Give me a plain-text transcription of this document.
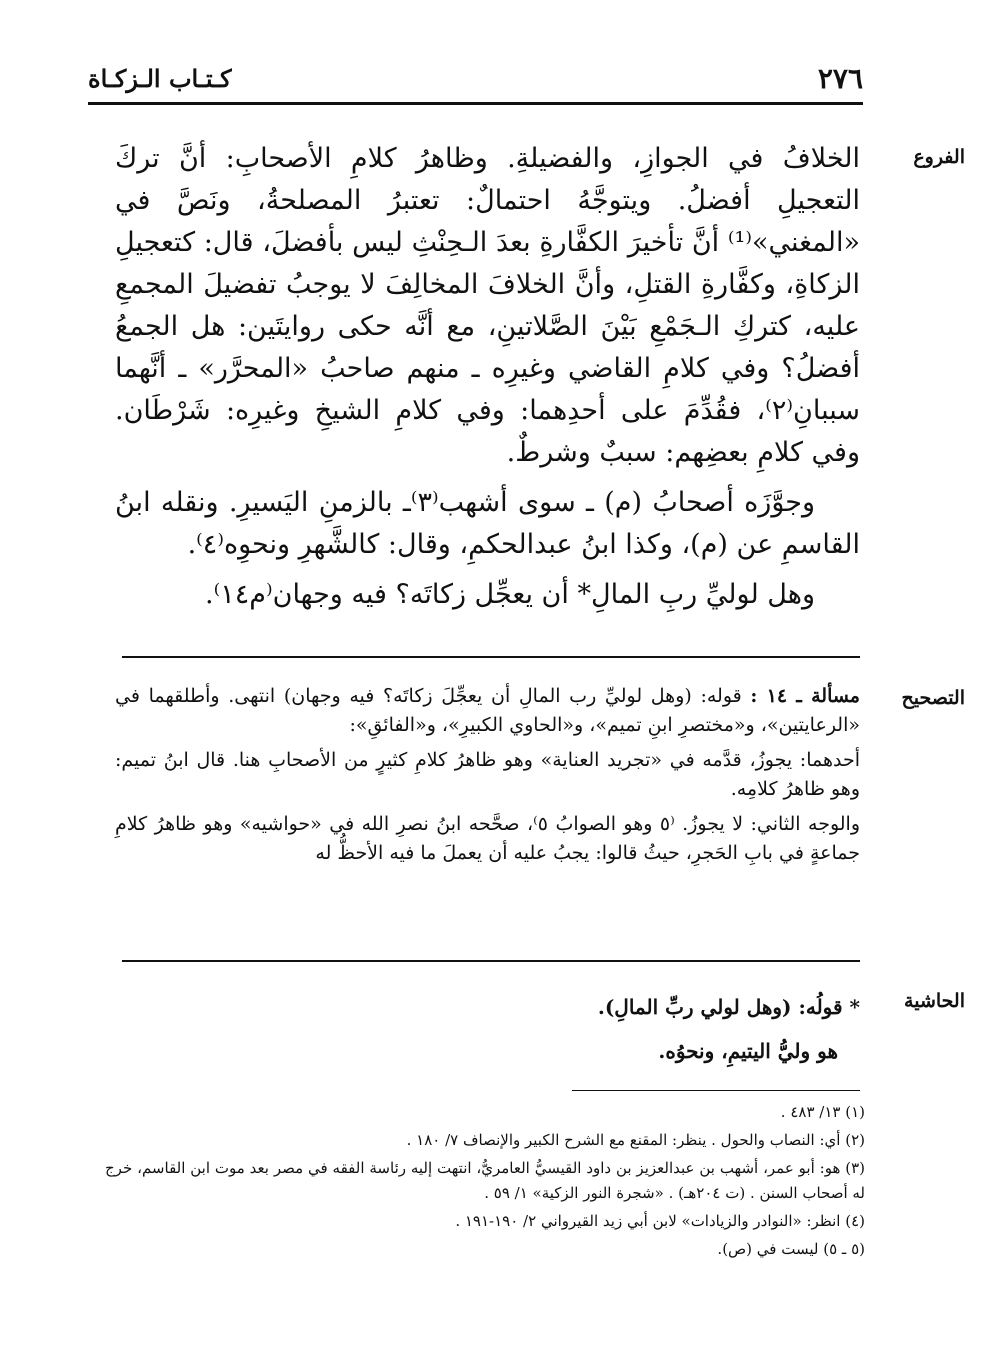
٢٧٦
كـتـاب الـزكـاة
الفروع

الخلافُ في الجوازِ، والفضيلةِ. وظاهرُ كلامِ الأصحابِ: أنَّ تركَ التعجيلِ أفضلُ. ويتوجَّهُ احتمالٌ: تعتبرُ المصلحةُ، ونَصَّ في «المغني»⁽¹⁾ أنَّ تأخيرَ الكفَّارةِ بعدَ الـحِنْثِ ليس بأفضلَ، قال: كتعجيلِ الزكاةِ، وكفَّارةِ القتلِ، وأنَّ الخلافَ المخالِفَ لا يوجبُ تفضيلَ المجمعِ عليه، كتركِ الـجَمْعِ بَيْنَ الصَّلاتينِ، مع أنَّه حكى روايتَين: هل الجمعُ أفضلُ؟ وفي كلامِ القاضي وغيرِه ـ منهم صاحبُ «المحرَّر» ـ أنَّهما سببانِ⁽٢⁾، فقُدِّمَ على أحدِهما: وفي كلامِ الشيخِ وغيرِه: شَرْطَان. وفي كلامِ بعضِهم: سببٌ وشرطٌ.

وجوَّزَه أصحابُ (م) ـ سوى أشهب⁽٣⁾ـ بالزمنِ اليَسيرِ. ونقله ابنُ القاسمِ عن (م)، وكذا ابنُ عبدالحكمِ، وقال: كالشَّهرِ ونحوِه⁽٤⁾.

وهل لوليِّ ربِ المالِ* أن يعجِّل زكاتَه؟ فيه وجهان⁽م١٤⁾.

التصحيح

مسألة ـ ١٤ : قوله: (وهل لوليِّ رب المالِ أن يعجِّلَ زكاتَه؟ فيه وجهان) انتهى. وأطلقهما في «الرعايتين»، و«مختصرِ ابنِ تميم»، و«الحاوي الكبيرِ»، و«الفائقِ»:

أحدهما: يجوزُ، قدَّمه في «تجريد العناية» وهو ظاهرُ كلامِ كثيرٍ من الأصحابِ هنا. قال ابنُ تميم: وهو ظاهرُ كلامِه.

والوجه الثاني: لا يجوزُ. ⁽٥ وهو الصوابُ ٥⁾، صحَّحه ابنُ نصرِ الله في «حواشيه» وهو ظاهرُ كلامِ جماعةٍ في بابِ الحَجرِ، حيثُ قالوا: يجبُ عليه أن يعملَ ما فيه الأحظُّ له

الحاشية

* قولُه: (وهل لولي ربِّ المالِ).

هو وليُّ اليتيمِ، ونحوُه.

(١) ١٣/ ٤٨٣ .

(٢) أي: النصاب والحول . ينظر: المقنع مع الشرح الكبير والإنصاف ٧/ ١٨٠ .

(٣) هو: أبو عمر، أشهب بن عبدالعزيز بن داود القيسيُّ العامريُّ، انتهت إليه رئاسة الفقه في مصر بعد موت ابن القاسم، خرج له أصحاب السنن . (ت ٢٠٤هـ) . «شجرة النور الزكية» ١/ ٥٩ .

(٤) انظر: «النوادر والزيادات» لابن أبي زيد القيرواني ٢/ ١٩٠-١٩١ .

(٥ ـ ٥) ليست في (ص).
